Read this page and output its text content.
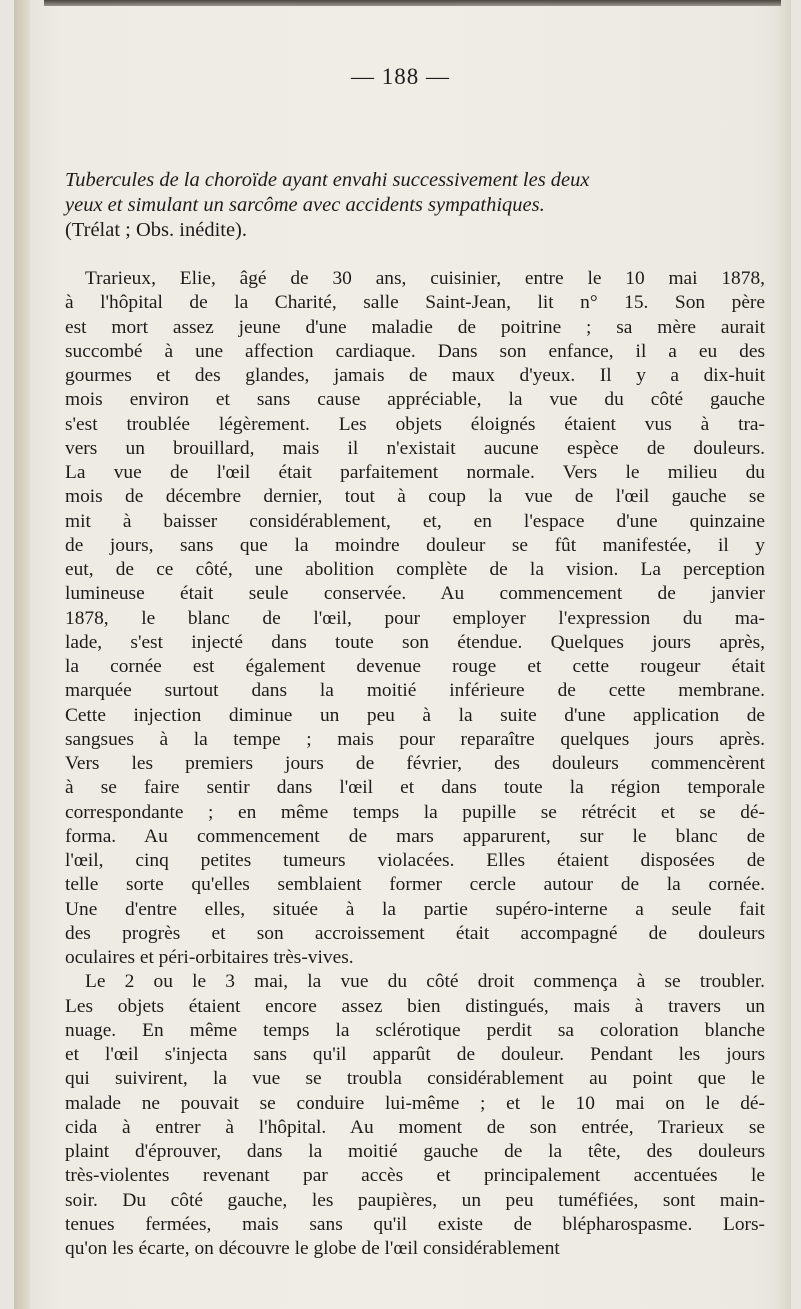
— 188 —
Tubercules de la choroïde ayant envahi successivement les deux
yeux et simulant un sarcôme avec accidents sympathiques.
(Trélat ; Obs. inédite).
Trarieux, Elie, âgé de 30 ans, cuisinier, entre le 10 mai 1878,
à l'hôpital de la Charité, salle Saint-Jean, lit n° 15. Son père
est mort assez jeune d'une maladie de poitrine ; sa mère aurait
succombé à une affection cardiaque. Dans son enfance, il a eu des
gourmes et des glandes, jamais de maux d'yeux. Il y a dix-huit
mois environ et sans cause appréciable, la vue du côté gauche
s'est troublée légèrement. Les objets éloignés étaient vus à tra-
vers un brouillard, mais il n'existait aucune espèce de douleurs.
La vue de l'œil était parfaitement normale. Vers le milieu du
mois de décembre dernier, tout à coup la vue de l'œil gauche se
mit à baisser considérablement, et, en l'espace d'une quinzaine
de jours, sans que la moindre douleur se fût manifestée, il y
eut, de ce côté, une abolition complète de la vision. La perception
lumineuse était seule conservée. Au commencement de janvier
1878, le blanc de l'œil, pour employer l'expression du ma-
lade, s'est injecté dans toute son étendue. Quelques jours après,
la cornée est également devenue rouge et cette rougeur était
marquée surtout dans la moitié inférieure de cette membrane.
Cette injection diminue un peu à la suite d'une application de
sangsues à la tempe ; mais pour reparaître quelques jours après.
Vers les premiers jours de février, des douleurs commencèrent
à se faire sentir dans l'œil et dans toute la région temporale
correspondante ; en même temps la pupille se rétrécit et se dé-
forma. Au commencement de mars apparurent, sur le blanc de
l'œil, cinq petites tumeurs violacées. Elles étaient disposées de
telle sorte qu'elles semblaient former cercle autour de la cornée.
Une d'entre elles, située à la partie supéro-interne a seule fait
des progrès et son accroissement était accompagné de douleurs
oculaires et péri-orbitaires très-vives.
Le 2 ou le 3 mai, la vue du côté droit commença à se troubler.
Les objets étaient encore assez bien distingués, mais à travers un
nuage. En même temps la sclérotique perdit sa coloration blanche
et l'œil s'injecta sans qu'il apparût de douleur. Pendant les jours
qui suivirent, la vue se troubla considérablement au point que le
malade ne pouvait se conduire lui-même ; et le 10 mai on le dé-
cida à entrer à l'hôpital. Au moment de son entrée, Trarieux se
plaint d'éprouver, dans la moitié gauche de la tête, des douleurs
très-violentes revenant par accès et principalement accentuées le
soir. Du côté gauche, les paupières, un peu tuméfiées, sont main-
tenues fermées, mais sans qu'il existe de blépharospasme. Lors-
qu'on les écarte, on découvre le globe de l'œil considérablement
